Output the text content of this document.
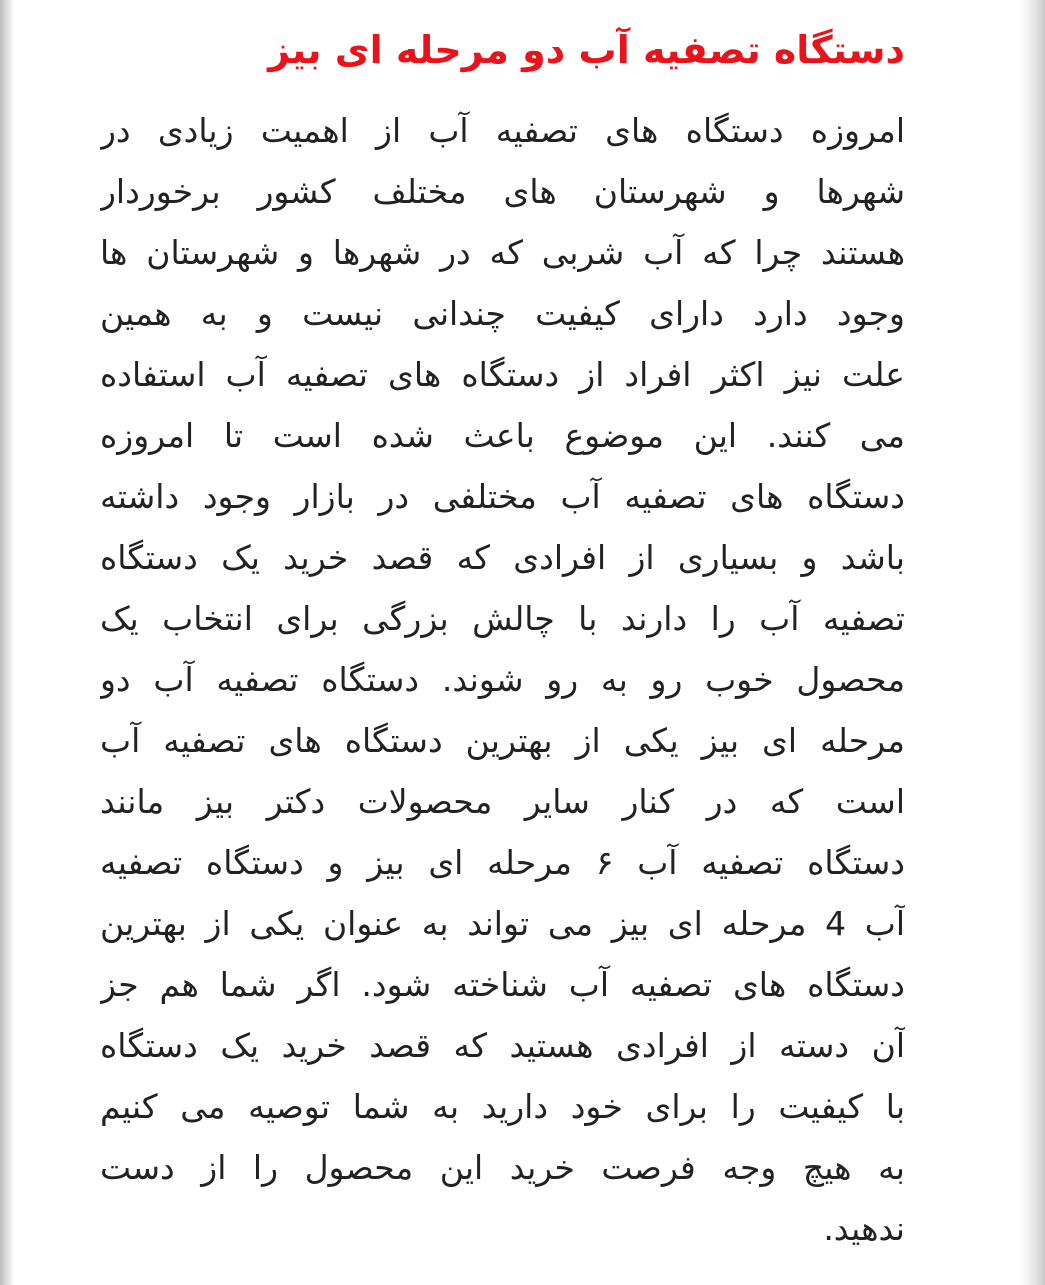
دستگاه تصفیه آب دو مرحله ای بیز
امروزه دستگاه های تصفیه آب از اهمیت زیادی در
شهرها و شهرستان های مختلف کشور برخوردار
هستند چرا که آب شربی که در شهرها و شهرستان ها
وجود دارد دارای کیفیت چندانی نیست و به همین
علت نیز اکثر افراد از دستگاه های تصفیه آب استفاده
می کنند. این موضوع باعث شده است تا امروزه
دستگاه های تصفیه آب مختلفی در بازار وجود داشته
باشد و بسیاری از افرادی که قصد خرید یک دستگاه
تصفیه آب را دارند با چالش بزرگی برای انتخاب یک
محصول خوب رو به رو شوند. دستگاه تصفیه آب دو
مرحله ای بیز یکی از بهترین دستگاه های تصفیه آب
است که در کنار سایر محصولات دکتر بیز مانند
دستگاه تصفیه آب ۶ مرحله ای بیز و دستگاه تصفیه
آب 4 مرحله ای بیز می تواند به عنوان یکی از بهترین
دستگاه های تصفیه آب شناخته شود. اگر شما هم جز
آن دسته از افرادی هستید که قصد خرید یک دستگاه
با کیفیت را برای خود دارید به شما توصیه می کنیم
به هیچ وجه فرصت خرید این محصول را از دست
ندهید.
